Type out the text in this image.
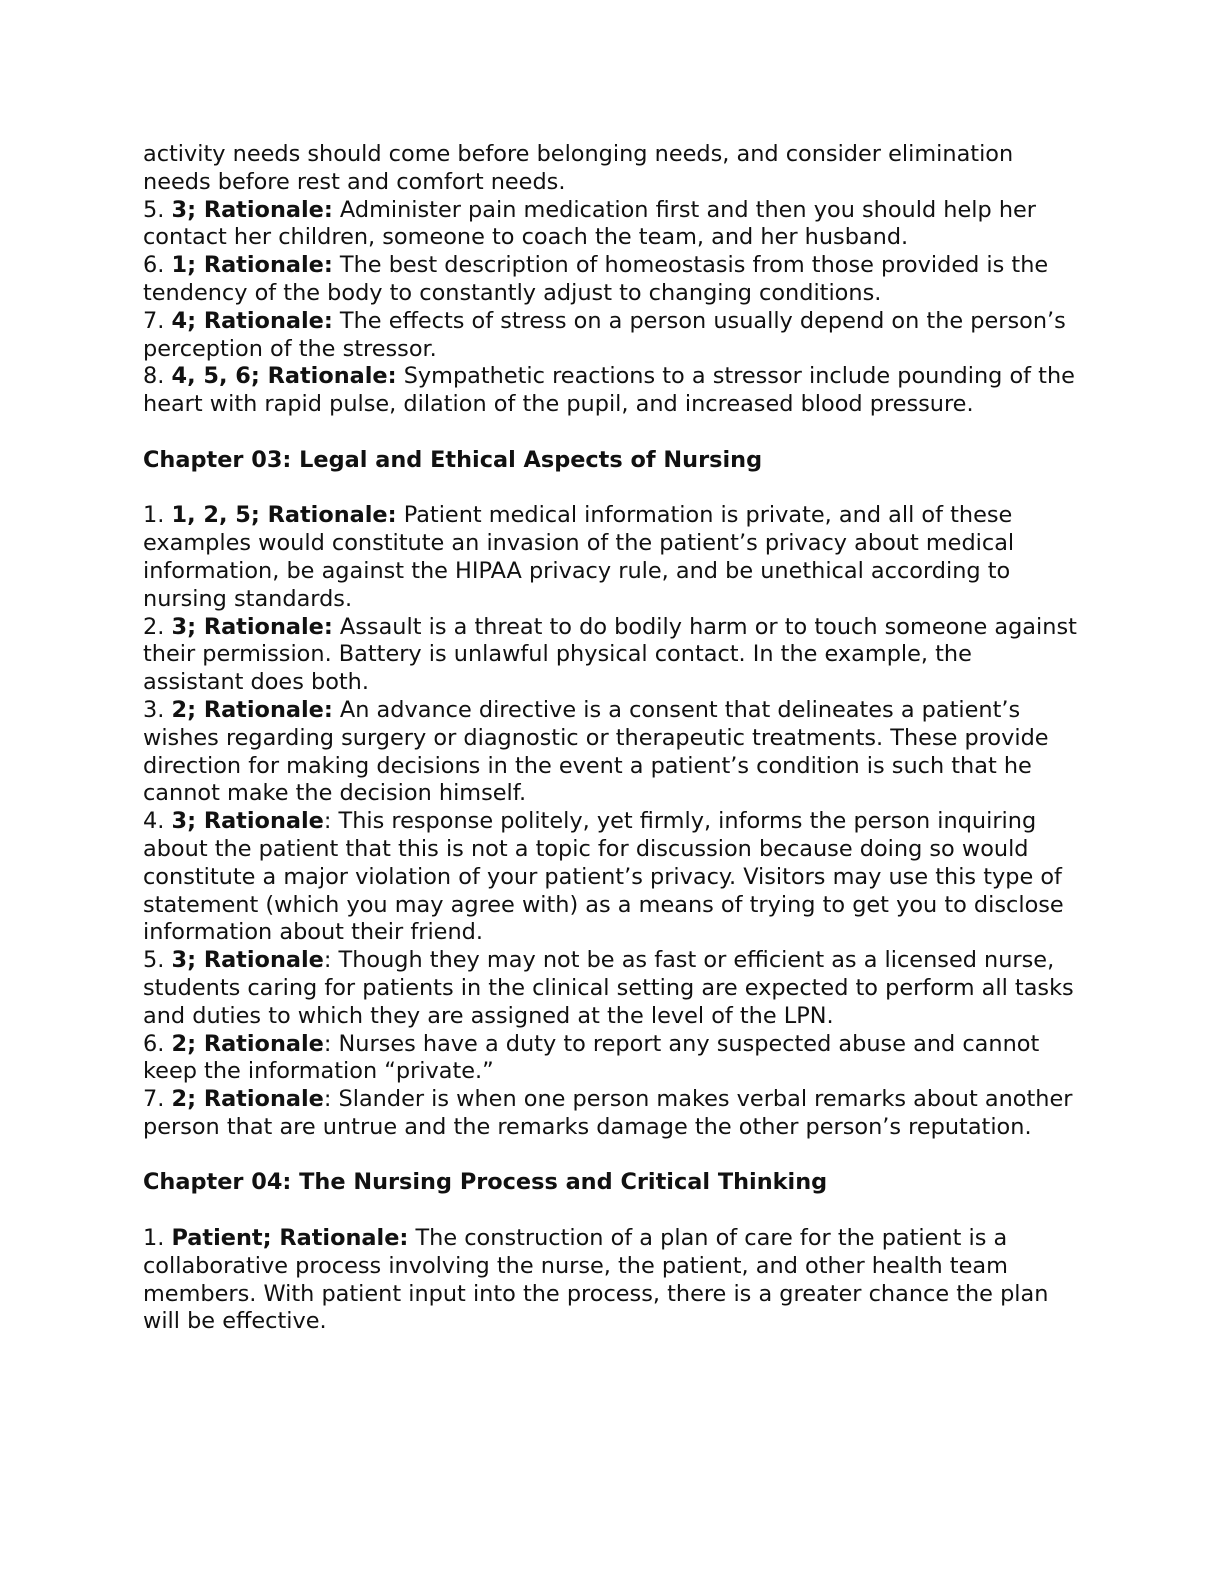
activity needs should come before belonging needs, and consider elimination needs before rest and comfort needs.

5. 3; Rationale: Administer pain medication first and then you should help her contact her children, someone to coach the team, and her husband.

6. 1; Rationale: The best description of homeostasis from those provided is the tendency of the body to constantly adjust to changing conditions.

7. 4; Rationale: The effects of stress on a person usually depend on the person’s perception of the stressor.

8. 4, 5, 6; Rationale: Sympathetic reactions to a stressor include pounding of the heart with rapid pulse, dilation of the pupil, and increased blood pressure.

Chapter 03: Legal and Ethical Aspects of Nursing

1. 1, 2, 5; Rationale: Patient medical information is private, and all of these examples would constitute an invasion of the patient’s privacy about medical information, be against the HIPAA privacy rule, and be unethical according to nursing standards.

2. 3; Rationale: Assault is a threat to do bodily harm or to touch someone against their permission. Battery is unlawful physical contact. In the example, the assistant does both.

3. 2; Rationale: An advance directive is a consent that delineates a patient’s wishes regarding surgery or diagnostic or therapeutic treatments. These provide direction for making decisions in the event a patient’s condition is such that he cannot make the decision himself.

4. 3; Rationale: This response politely, yet firmly, informs the person inquiring about the patient that this is not a topic for discussion because doing so would constitute a major violation of your patient’s privacy. Visitors may use this type of statement (which you may agree with) as a means of trying to get you to disclose information about their friend.

5. 3; Rationale: Though they may not be as fast or efficient as a licensed nurse, students caring for patients in the clinical setting are expected to perform all tasks and duties to which they are assigned at the level of the LPN.

6. 2; Rationale: Nurses have a duty to report any suspected abuse and cannot keep the information “private.”

7. 2; Rationale: Slander is when one person makes verbal remarks about another person that are untrue and the remarks damage the other person’s reputation.

Chapter 04: The Nursing Process and Critical Thinking

1. Patient; Rationale: The construction of a plan of care for the patient is a collaborative process involving the nurse, the patient, and other health team members. With patient input into the process, there is a greater chance the plan will be effective.
